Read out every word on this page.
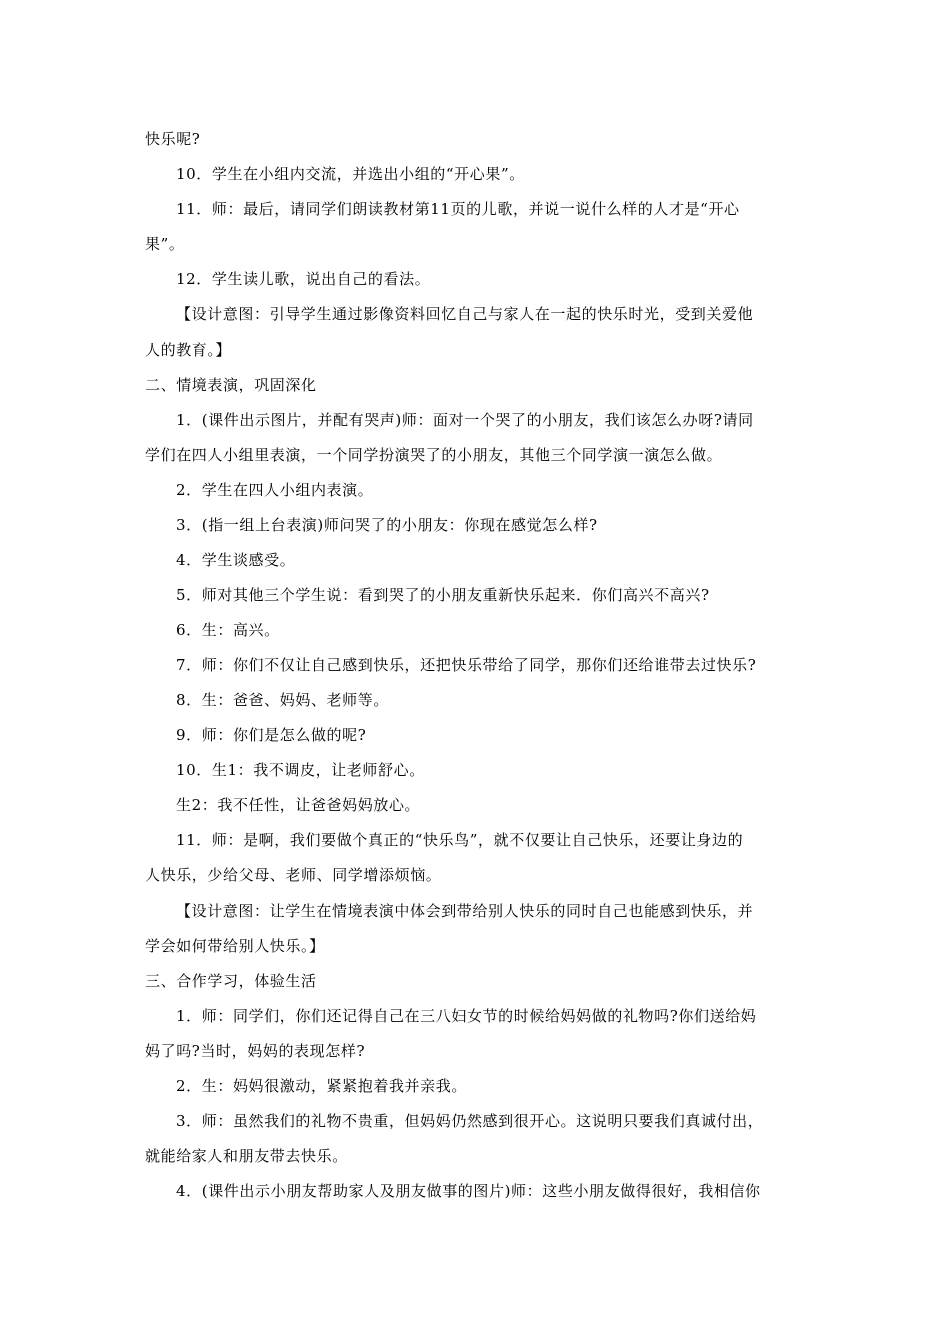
快乐呢?
10．学生在小组内交流，并选出小组的“开心果”。
11．师：最后，请同学们朗读教材第11页的儿歌，并说一说什么样的人才是“开心
果”。
12．学生读儿歌，说出自己的看法。
【设计意图：引导学生通过影像资料回忆自己与家人在一起的快乐时光，受到关爱他
人的教育。】
二、情境表演，巩固深化
1．(课件出示图片，并配有哭声)师：面对一个哭了的小朋友，我们该怎么办呀?请同
学们在四人小组里表演，一个同学扮演哭了的小朋友，其他三个同学演一演怎么做。
2．学生在四人小组内表演。
3．(指一组上台表演)师问哭了的小朋友：你现在感觉怎么样?
4．学生谈感受。
5．师对其他三个学生说：看到哭了的小朋友重新快乐起来．你们高兴不高兴?
6．生：高兴。
7．师：你们不仅让自己感到快乐，还把快乐带给了同学，那你们还给谁带去过快乐?
8．生：爸爸、妈妈、老师等。
9．师：你们是怎么做的呢?
10．生1：我不调皮，让老师舒心。
生2：我不任性，让爸爸妈妈放心。
11．师：是啊，我们要做个真正的“快乐鸟”，就不仅要让自己快乐，还要让身边的
人快乐，少给父母、老师、同学增添烦恼。
【设计意图：让学生在情境表演中体会到带给别人快乐的同时自己也能感到快乐，并
学会如何带给别人快乐。】
三、合作学习，体验生活
1．师：同学们，你们还记得自己在三八妇女节的时候给妈妈做的礼物吗?你们送给妈
妈了吗?当时，妈妈的表现怎样?
2．生：妈妈很激动，紧紧抱着我并亲我。
3．师：虽然我们的礼物不贵重，但妈妈仍然感到很开心。这说明只要我们真诚付出，
就能给家人和朋友带去快乐。
4．(课件出示小朋友帮助家人及朋友做事的图片)师：这些小朋友做得很好，我相信你
